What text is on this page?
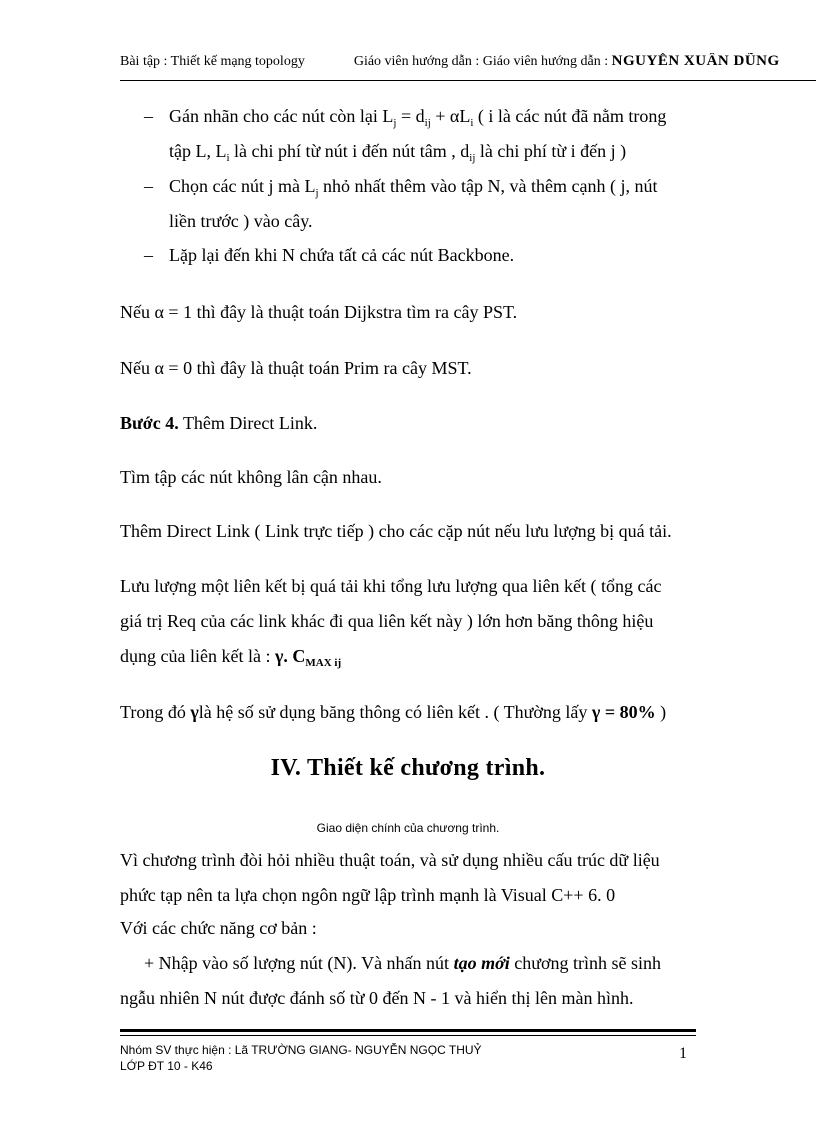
Bài tập : Thiết kế mạng topology	Giáo viên hướng dẫn : Giáo viên hướng dẫn : NGUYỄN XUÂN DŨNG
– Gán nhãn cho các nút còn lại $L_j = d_{ij} + \alpha L_i$ ( i là các nút đã nằm trong
tập L, $L_i$ là chi phí từ nút i đến nút tâm , $d_{ij}$ là chi phí từ i đến j )
– Chọn các nút j mà $L_j$ nhỏ nhất thêm vào tập N, và thêm cạnh ( j, nút
liền trước ) vào cây.
– Lặp lại đến khi N chứa tất cả các nút Backbone.
Nếu α = 1 thì đây là thuật toán Dijkstra tìm ra cây PST.
Nếu α = 0 thì đây là thuật toán Prim ra cây MST.
Bước 4. Thêm Direct Link.
Tìm tập các nút không lân cận nhau.
Thêm Direct Link ( Link trực tiếp ) cho các cặp nút nếu lưu lượng bị quá tải.
Lưu lượng một liên kết bị quá tải khi tổng lưu lượng qua liên kết ( tổng các
giá trị Req của các link khác đi qua liên kết này ) lớn hơn băng thông hiệu
dụng của liên kết là : γ. $C_{MAX ij}$
Trong đó γlà hệ số sử dụng băng thông có liên kết . ( Thường lấy γ = 80% )
IV. Thiết kế chương trình.
Giao diện chính của chương trình.
Vì chương trình đòi hỏi nhiều thuật toán, và sử dụng nhiều cấu trúc dữ liệu
phức tạp nên ta lựa chọn ngôn ngữ lập trình mạnh là Visual C++ 6. 0
Với các chức năng cơ bản :
+ Nhập vào số lượng nút (N). Và nhấn nút tạo mới chương trình sẽ sinh
ngẫu nhiên N nút được đánh số từ 0 đến N - 1 và hiển thị lên màn hình.
Nhóm SV thực hiện : Lã TRƯỜNG GIANG- NGUYỄN NGỌC THUỶ
LỚP ĐT 10 - K46
1
